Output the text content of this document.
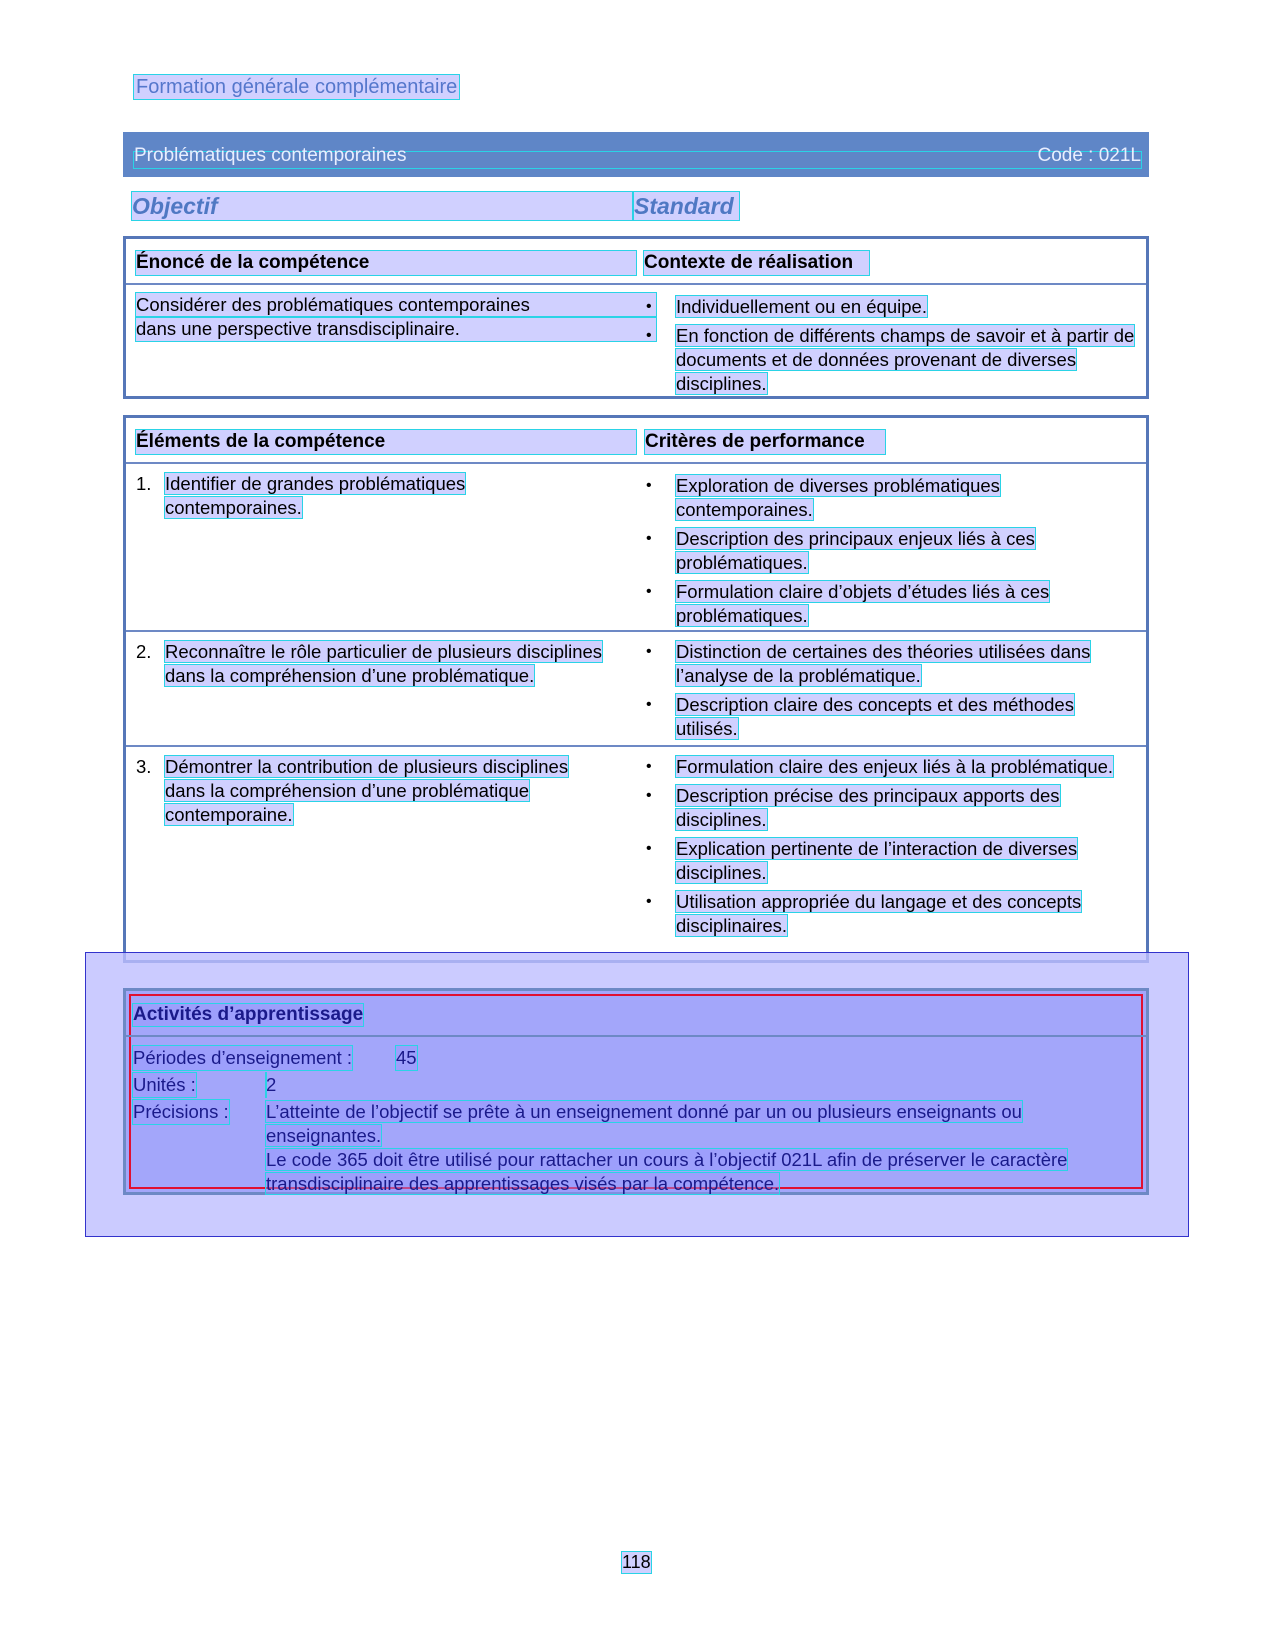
Formation générale complémentaire
Problématiques contemporaines	Code : 021L
Objectif	Standard
Énoncé de la compétence	Contexte de réalisation
Considérer des problématiques contemporaines
dans une perspective transdisciplinaire.
• Individuellement ou en équipe.
• En fonction de différents champs de savoir et à partir de documents et de données provenant de diverses disciplines.
Éléments de la compétence	Critères de performance
1. Identifier de grandes problématiques contemporaines.
• Exploration de diverses problématiques contemporaines.
• Description des principaux enjeux liés à ces problématiques.
• Formulation claire d’objets d’études liés à ces problématiques.
2. Reconnaître le rôle particulier de plusieurs disciplines dans la compréhension d’une problématique.
• Distinction de certaines des théories utilisées dans l’analyse de la problématique.
• Description claire des concepts et des méthodes utilisés.
3. Démontrer la contribution de plusieurs disciplines dans la compréhension d’une problématique contemporaine.
• Formulation claire des enjeux liés à la problématique.
• Description précise des principaux apports des disciplines.
• Explication pertinente de l’interaction de diverses disciplines.
• Utilisation appropriée du langage et des concepts disciplinaires.
Activités d’apprentissage
Périodes d’enseignement : 45
Unités :	2
Précisions : L’atteinte de l’objectif se prête à un enseignement donné par un ou plusieurs enseignants ou enseignantes.
Le code 365 doit être utilisé pour rattacher un cours à l’objectif 021L afin de préserver le caractère transdisciplinaire des apprentissages visés par la compétence.
118
